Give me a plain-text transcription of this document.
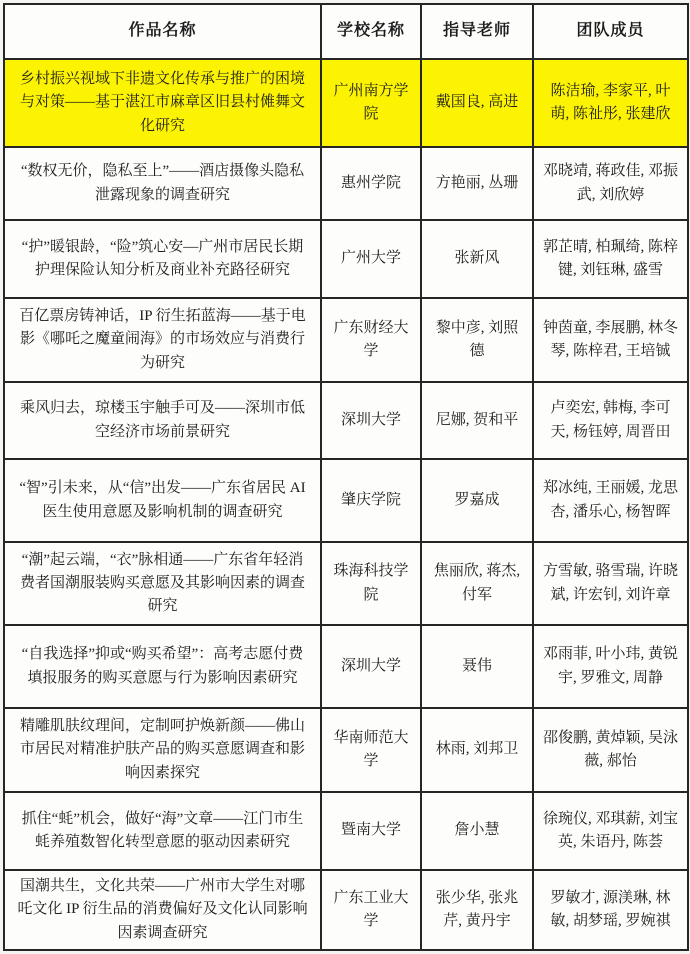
作品名称	学校名称	指导老师	团队成员
乡村振兴视域下非遗文化传承与推广的困境与对策——基于湛江市麻章区旧县村傩舞文化研究	广州南方学院	戴国良, 高进	陈洁瑜, 李家平, 叶萌, 陈祉彤, 张建欣
“数权无价，隐私至上”——酒店摄像头隐私泄露现象的调查研究	惠州学院	方艳丽, 丛珊	邓晓靖, 蒋政佳, 邓振武, 刘欣婷
“护”暖银龄，“险”筑心安—广州市居民长期护理保险认知分析及商业补充路径研究	广州大学	张新风	郭芷晴, 柏珮绮, 陈梓键, 刘钰琳, 盛雪
百亿票房铸神话，IP 衍生拓蓝海——基于电影《哪吒之魔童闹海》的市场效应与消费行为研究	广东财经大学	黎中彦, 刘照德	钟茵童, 李展鹏, 林冬琴, 陈梓君, 王培铖
乘风归去，琼楼玉宇触手可及——深圳市低空经济市场前景研究	深圳大学	尼娜, 贺和平	卢奕宏, 韩梅, 李可天, 杨钰婷, 周晋田
“智”引未来，从“信”出发——广东省居民 AI 医生使用意愿及影响机制的调查研究	肇庆学院	罗嘉成	郑冰纯, 王丽媛, 龙思杏, 潘乐心, 杨智晖
“潮”起云端，“衣”脉相通——广东省年轻消费者国潮服装购买意愿及其影响因素的调查研究	珠海科技学院	焦丽欣, 蒋杰, 付军	方雪敏, 骆雪瑞, 许晓斌, 许宏钊, 刘许章
“自我选择”抑或“购买希望”：高考志愿付费填报服务的购买意愿与行为影响因素研究	深圳大学	聂伟	邓雨菲, 叶小玮, 黄锐宇, 罗雅文, 周静
精雕肌肤纹理间，定制呵护焕新颜——佛山市居民对精准护肤产品的购买意愿调查和影响因素探究	华南师范大学	林雨, 刘邦卫	邵俊鹏, 黄焯颖, 吴泳薇, 郝怡
抓住“蚝”机会，做好“海”文章——江门市生蚝养殖数智化转型意愿的驱动因素研究	暨南大学	詹小慧	徐琬仪, 邓琪薪, 刘宝英, 朱语丹, 陈荟
国潮共生，文化共荣——广州市大学生对哪吒文化 IP 衍生品的消费偏好及文化认同影响因素调查研究	广东工业大学	张少华, 张兆芹, 黄丹宇	罗敏才, 源渼琳, 林敏, 胡梦瑶, 罗婉祺
